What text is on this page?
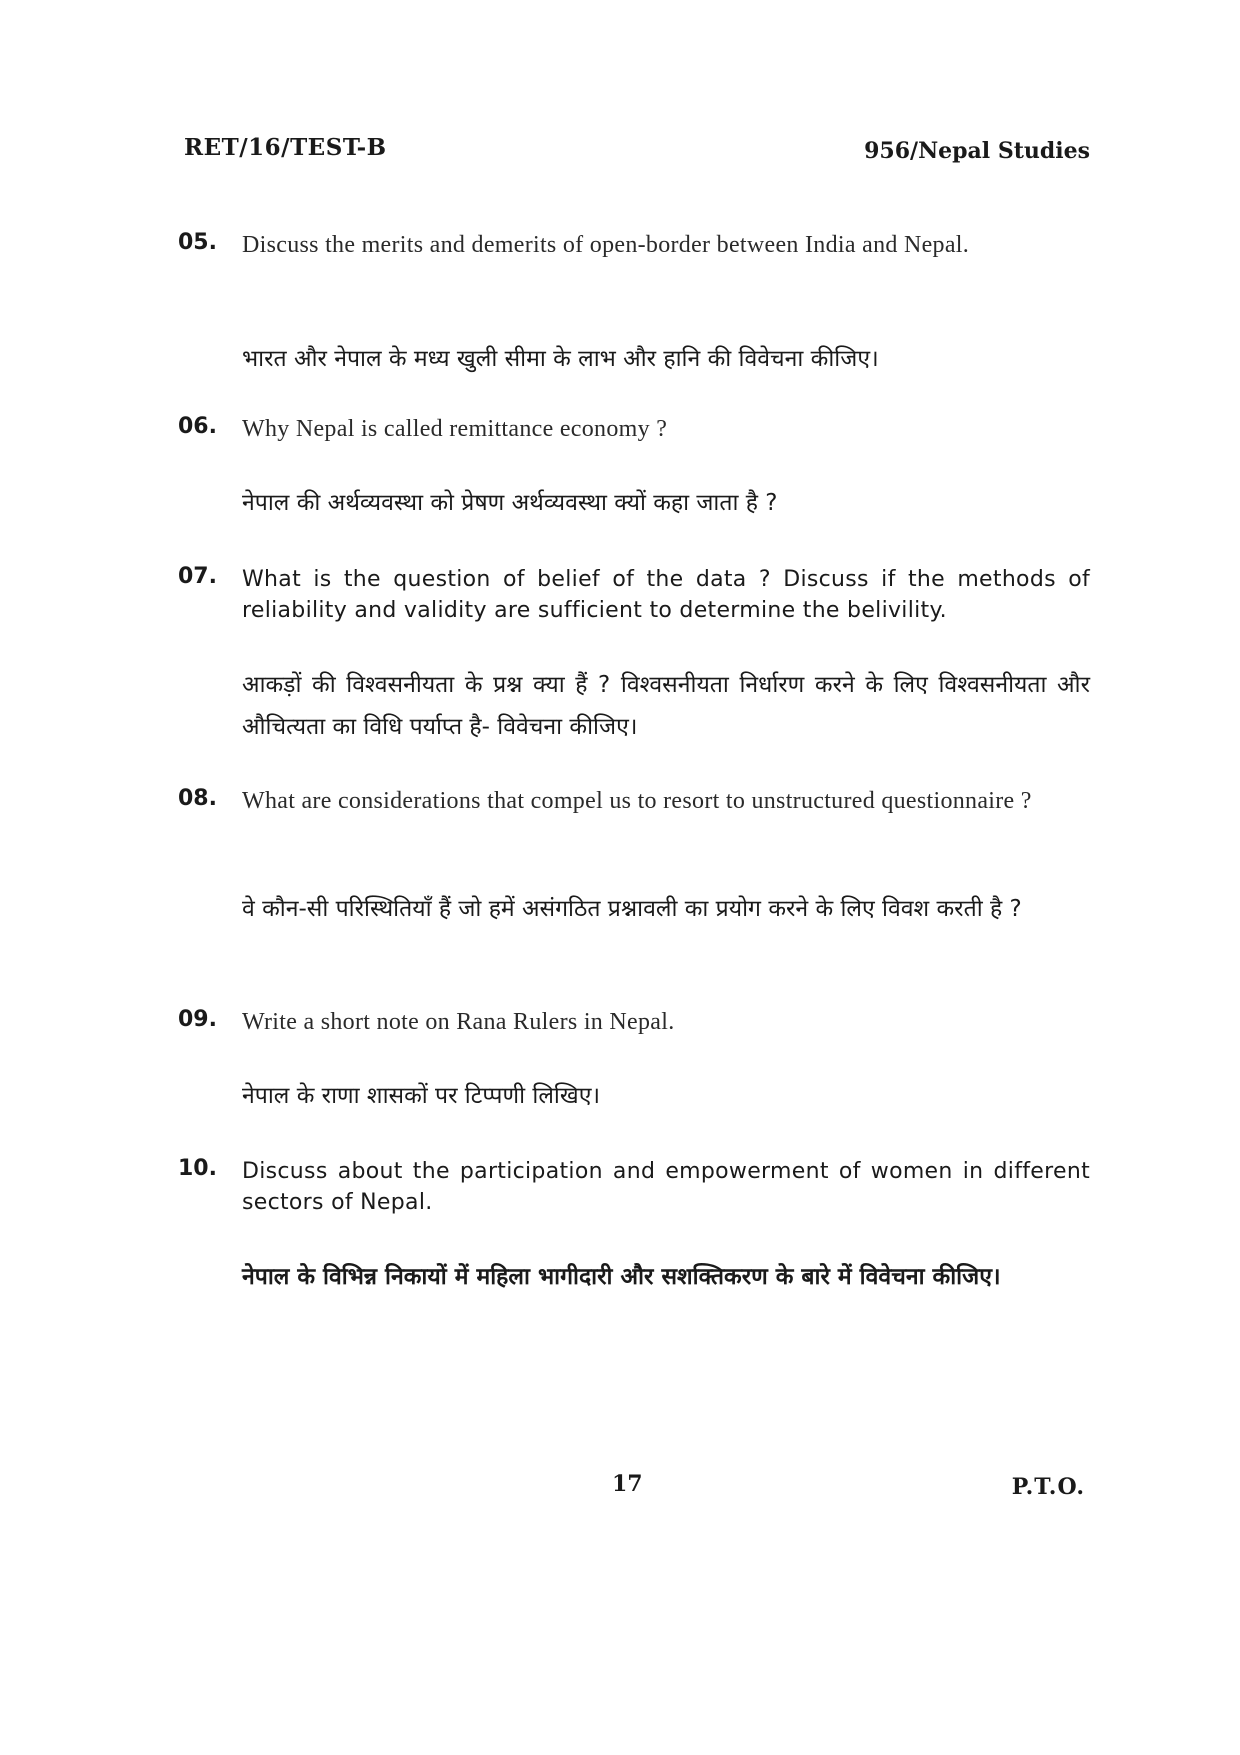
RET/16/TEST-B	956/Nepal Studies
05. Discuss the merits and demerits of open-border between India and Nepal.
भारत और नेपाल के मध्य खुली सीमा के लाभ और हानि की विवेचना कीजिए।
06. Why Nepal is called remittance economy ?
नेपाल की अर्थव्यवस्था को प्रेषण अर्थव्यवस्था क्यों कहा जाता है ?
07. What is the question of belief of the data ? Discuss if the methods of reliability and validity are sufficient to determine the belivility.
आकड़ों की विश्वसनीयता के प्रश्न क्या हैं ? विश्वसनीयता निर्धारण करने के लिए विश्वसनीयता और औचित्यता का विधि पर्याप्त है- विवेचना कीजिए।
08. What are considerations that compel us to resort to unstructured questionnaire ?
वे कौन-सी परिस्थितियाँ हैं जो हमें असंगठित प्रश्नावली का प्रयोग करने के लिए विवश करती है ?
09. Write a short note on Rana Rulers in Nepal.
नेपाल के राणा शासकों पर टिप्पणी लिखिए।
10. Discuss about the participation and empowerment of women in different sectors of Nepal.
नेपाल के विभिन्न निकायों में महिला भागीदारी और सशक्तिकरण के बारे में विवेचना कीजिए।
17	P.T.O.
